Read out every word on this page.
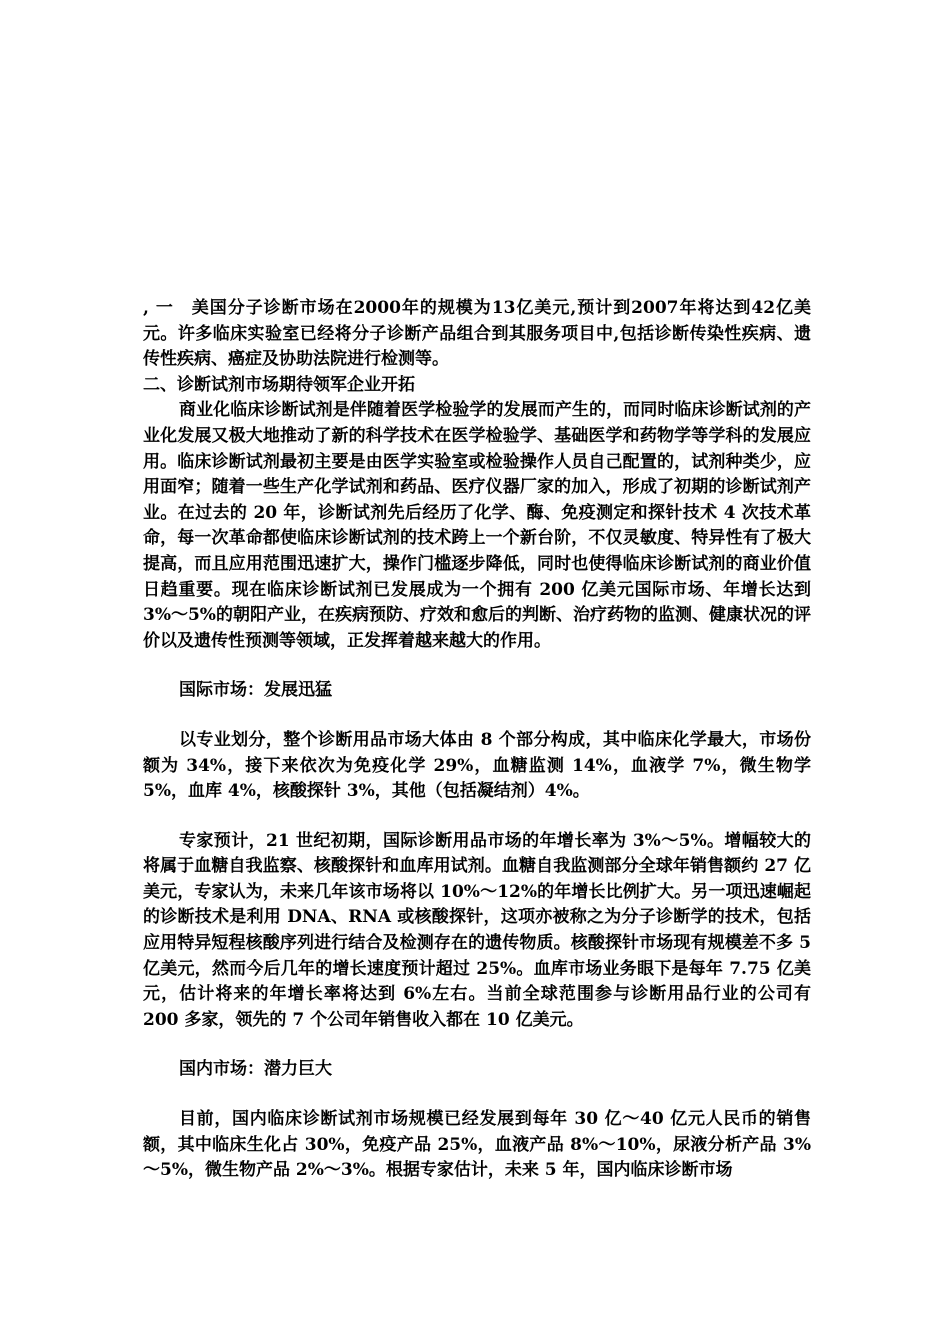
, 一　美国分子诊断市场在2000年的规模为13亿美元,预计到2007年将达到42亿美元。许多临床实验室已经将分子诊断产品组合到其服务项目中,包括诊断传染性疾病、遗传性疾病、癌症及协助法院进行检测等。

二、诊断试剂市场期待领军企业开拓

商业化临床诊断试剂是伴随着医学检验学的发展而产生的，而同时临床诊断试剂的产业化发展又极大地推动了新的科学技术在医学检验学、基础医学和药物学等学科的发展应用。临床诊断试剂最初主要是由医学实验室或检验操作人员自己配置的，试剂种类少，应用面窄；随着一些生产化学试剂和药品、医疗仪器厂家的加入，形成了初期的诊断试剂产业。在过去的 20 年，诊断试剂先后经历了化学、酶、免疫测定和探针技术 4 次技术革命，每一次革命都使临床诊断试剂的技术跨上一个新台阶，不仅灵敏度、特异性有了极大提高，而且应用范围迅速扩大，操作门槛逐步降低，同时也使得临床诊断试剂的商业价值日趋重要。现在临床诊断试剂已发展成为一个拥有 200 亿美元国际市场、年增长达到 3%～5%的朝阳产业，在疾病预防、疗效和愈后的判断、治疗药物的监测、健康状况的评价以及遗传性预测等领域，正发挥着越来越大的作用。

国际市场：发展迅猛

以专业划分，整个诊断用品市场大体由 8 个部分构成，其中临床化学最大，市场份额为 34%，接下来依次为免疫化学 29%，血糖监测 14%，血液学 7%，微生物学 5%，血库 4%，核酸探针 3%，其他（包括凝结剂）4%。

专家预计，21 世纪初期，国际诊断用品市场的年增长率为 3%～5%。增幅较大的将属于血糖自我监察、核酸探针和血库用试剂。血糖自我监测部分全球年销售额约 27 亿美元，专家认为，未来几年该市场将以 10%～12%的年增长比例扩大。另一项迅速崛起的诊断技术是利用 DNA、RNA 或核酸探针，这项亦被称之为分子诊断学的技术，包括应用特异短程核酸序列进行结合及检测存在的遗传物质。核酸探针市场现有规模差不多 5 亿美元，然而今后几年的增长速度预计超过 25%。血库市场业务眼下是每年 7.75 亿美元，估计将来的年增长率将达到 6%左右。当前全球范围参与诊断用品行业的公司有 200 多家，领先的 7 个公司年销售收入都在 10 亿美元。

国内市场：潜力巨大

目前，国内临床诊断试剂市场规模已经发展到每年 30 亿～40 亿元人民币的销售额，其中临床生化占 30%，免疫产品 25%，血液产品 8%～10%，尿液分析产品 3%～5%，微生物产品 2%～3%。根据专家估计，未来 5 年，国内临床诊断市场
